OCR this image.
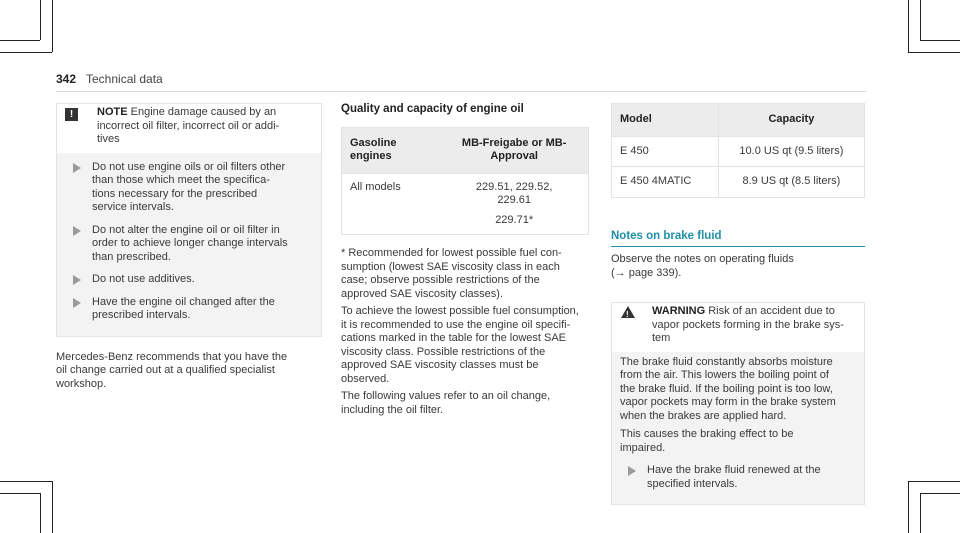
342 Technical data
!	NOTE Engine damage caused by an
incorrect oil filter, incorrect oil or addi-
tives
Do not use engine oils or oil filters other
than those which meet the specifica-
tions necessary for the prescribed
service intervals.
Do not alter the engine oil or oil filter in
order to achieve longer change intervals
than prescribed.
Do not use additives.
Have the engine oil changed after the
prescribed intervals.
Mercedes-Benz recommends that you have the
oil change carried out at a qualified specialist
workshop.
Quality and capacity of engine oil
Gasoline engines	MB-Freigabe or MB-Approval
All models	229.51, 229.52,
229.61
229.71*

* Recommended for lowest possible fuel con-
sumption (lowest SAE viscosity class in each
case; observe possible restrictions of the
approved SAE viscosity classes).

To achieve the lowest possible fuel consumption,
it is recommended to use the engine oil specifi-
cations marked in the table for the lowest SAE
viscosity class. Possible restrictions of the
approved SAE viscosity classes must be
observed.

The following values refer to an oil change,
including the oil filter.

Model	Capacity
E 450	10.0 US qt (9.5 liters)
E 450 4MATIC	8.9 US qt (8.5 liters)
Notes on brake fluid
Observe the notes on operating fluids
(→ page 339).
! WARNING Risk of an accident due to
vapor pockets forming in the brake sys-
tem

The brake fluid constantly absorbs moisture
from the air. This lowers the boiling point of
the brake fluid. If the boiling point is too low,
vapor pockets may form in the brake system
when the brakes are applied hard.

This causes the braking effect to be
impaired.

Have the brake fluid renewed at the
specified intervals.
